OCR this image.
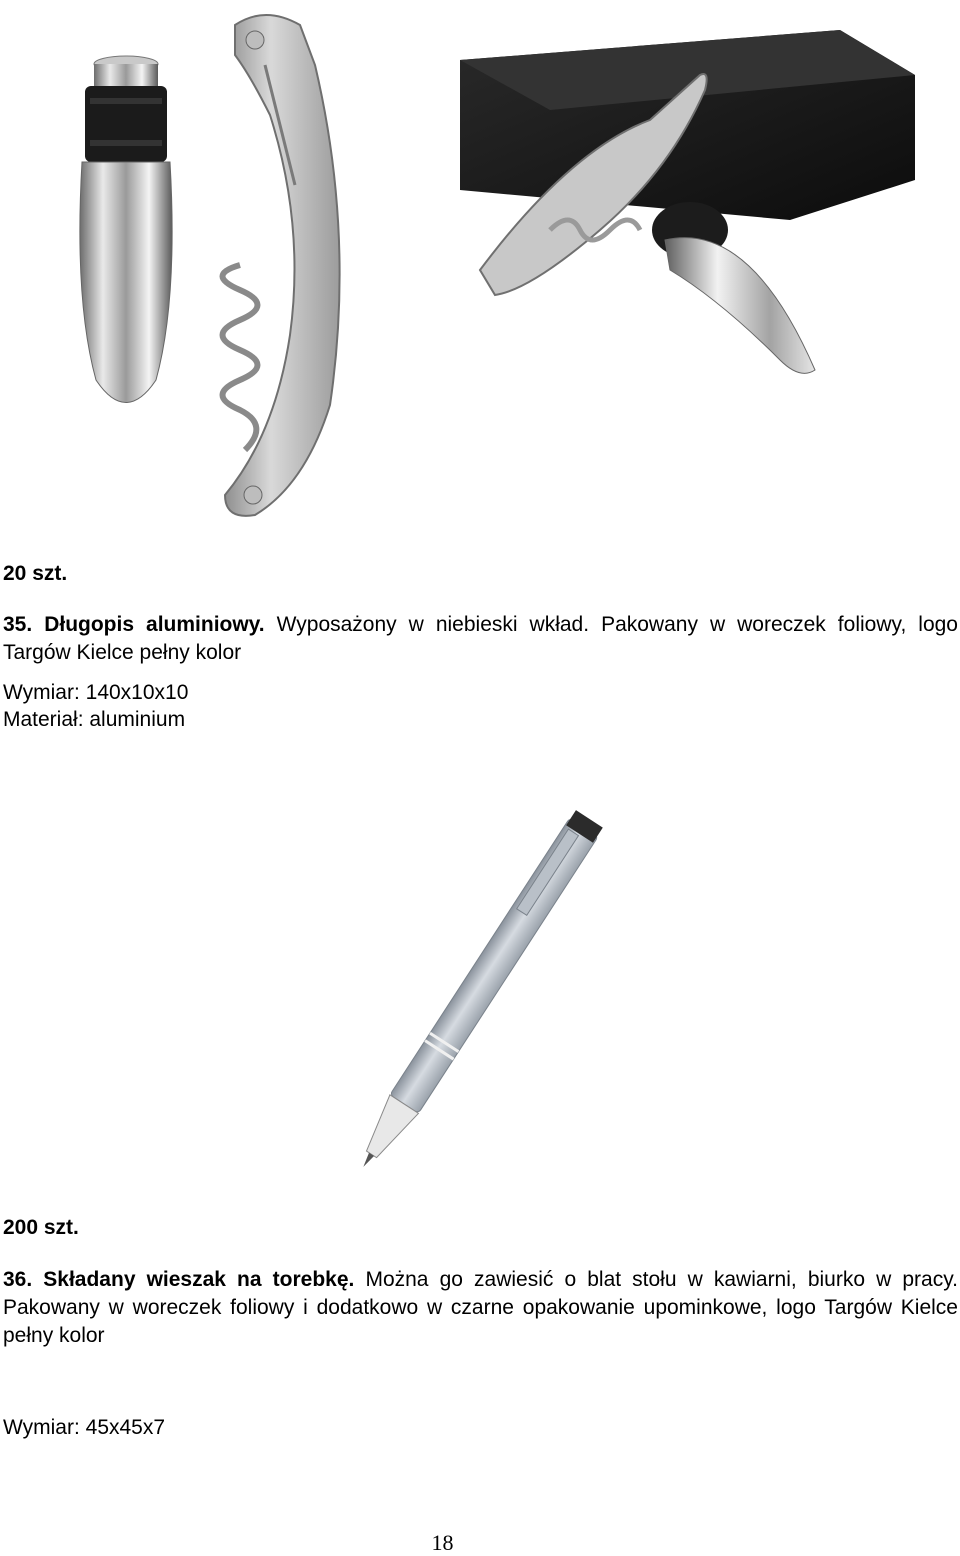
20 szt.
35. Długopis aluminiowy. Wyposażony w niebieski wkład. Pakowany w woreczek foliowy, logo Targów Kielce pełny kolor
Wymiar: 140x10x10
Materiał: aluminium
200 szt.
36. Składany wieszak na torebkę. Można go zawiesić o blat stołu w kawiarni, biurko w pracy. Pakowany w woreczek foliowy i dodatkowo w czarne opakowanie upominkowe, logo Targów Kielce pełny kolor
Wymiar: 45x45x7
18
